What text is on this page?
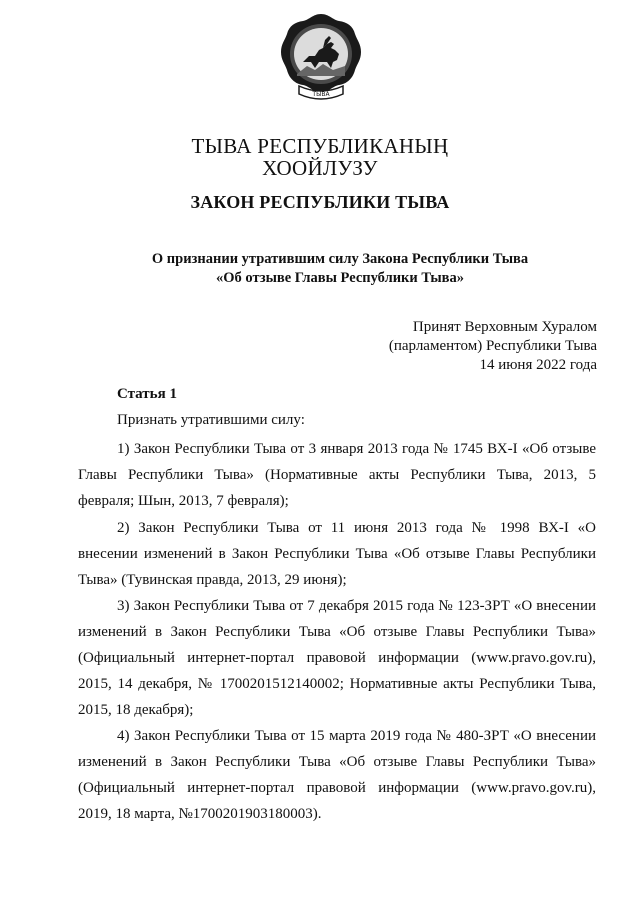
ТЫВА
ТЫВА РЕСПУБЛИКАНЫҢ
ХООЙЛУЗУ
ЗАКОН РЕСПУБЛИКИ ТЫВА
О признании утратившим силу Закона Республики Тыва
«Об отзыве Главы Республики Тыва»
Принят Верховным Хуралом
(парламентом) Республики Тыва
14 июня 2022 года
Статья 1
Признать утратившими силу:
1) Закон Республики Тыва от 3 января 2013 года № 1745 ВХ-I «Об отзыве
Главы Республики Тыва» (Нормативные акты Республики Тыва, 2013, 5
февраля; Шын, 2013, 7 февраля);
2) Закон Республики Тыва от 11 июня 2013 года № 1998 ВХ-I «О
внесении изменений в Закон Республики Тыва «Об отзыве Главы Республики
Тыва» (Тувинская правда, 2013, 29 июня);
3) Закон Республики Тыва от 7 декабря 2015 года № 123-ЗРТ «О внесении
изменений в Закон Республики Тыва «Об отзыве Главы Республики Тыва»
(Официальный интернет-портал правовой информации (www.pravo.gov.ru),
2015, 14 декабря, № 1700201512140002; Нормативные акты Республики Тыва,
2015, 18 декабря);
4) Закон Республики Тыва от 15 марта 2019 года № 480-ЗРТ «О внесении
изменений в Закон Республики Тыва «Об отзыве Главы Республики Тыва»
(Официальный интернет-портал правовой информации (www.pravo.gov.ru),
2019, 18 марта, №1700201903180003).
